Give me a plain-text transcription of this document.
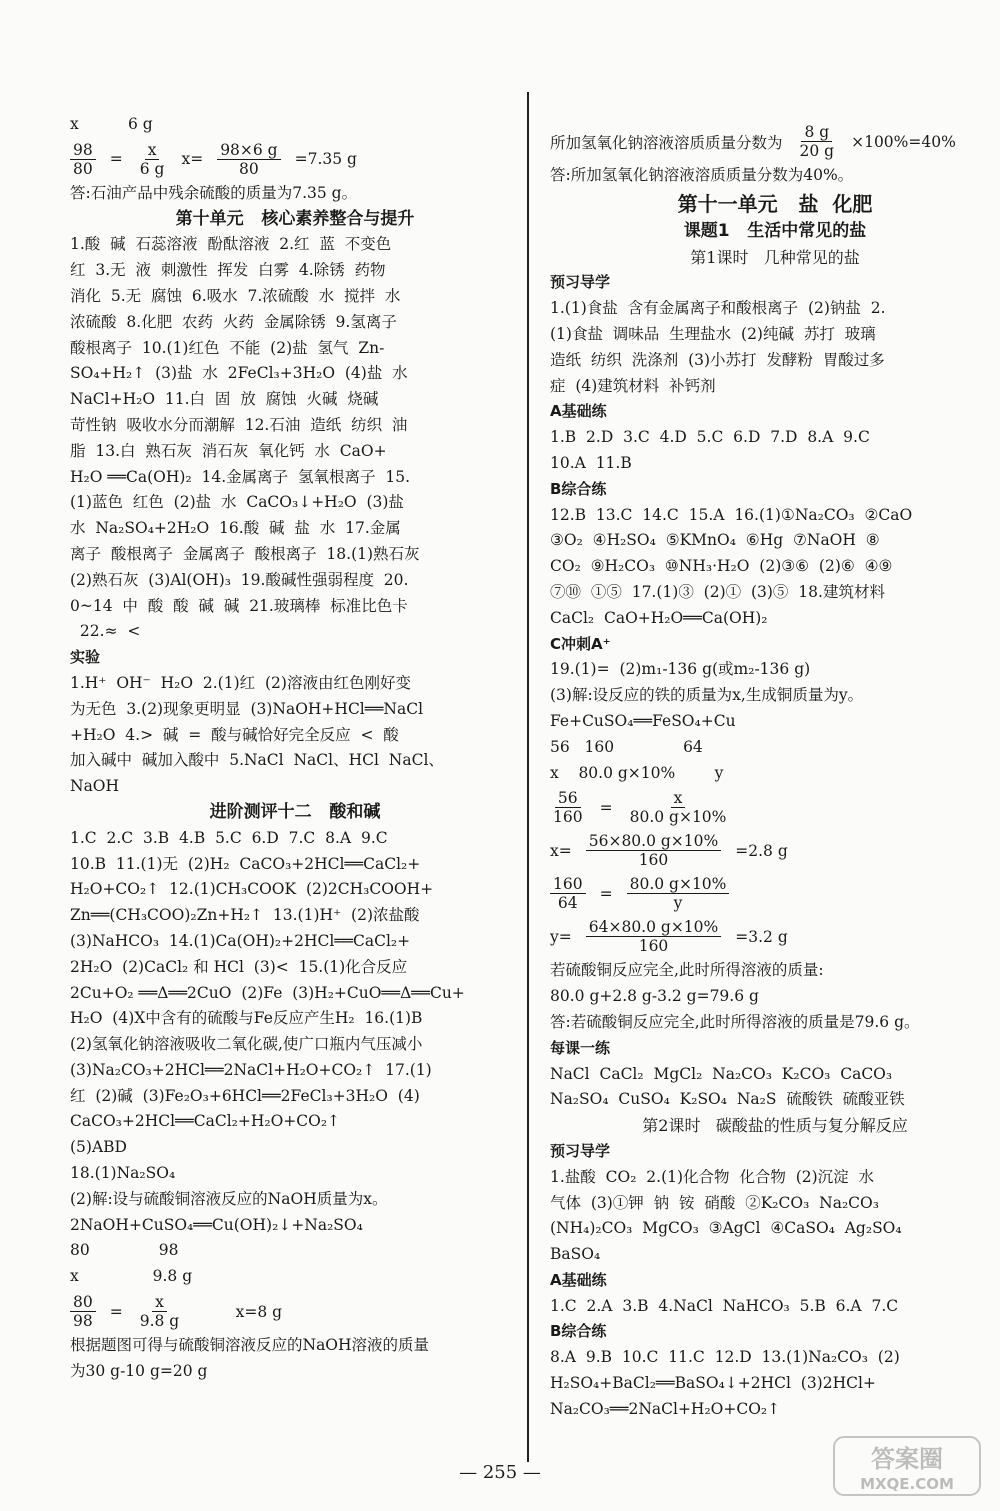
x          6 g
$\frac{98}{80} = \frac{x}{6 g} x= \frac{98\times 6 g}{80} =7.35$ g
答:石油产品中残余硫酸的质量为7.35 g。
第十单元   核心素养整合与提升
1.酸  碱  石蕊溶液  酚酞溶液  2.红  蓝  不变色
红  3.无  液  刺激性  挥发  白雾  4.除锈  药物
消化  5.无  腐蚀  6.吸水  7.浓硫酸  水  搅拌  水
浓硫酸  8.化肥  农药  火药  金属除锈  9.氢离子
酸根离子  10.(1)红色  不能  (2)盐  氢气  Zn-
SO₄+H₂↑  (3)盐  水  2FeCl₃+3H₂O  (4)盐  水
NaCl+H₂O  11.白  固  放  腐蚀  火碱  烧碱
苛性钠  吸收水分而潮解  12.石油  造纸  纺织  油
脂  13.白  熟石灰  消石灰  氧化钙  水  CaO+
H₂O ══Ca(OH)₂  14.金属离子  氢氧根离子  15.
(1)蓝色  红色  (2)盐  水  CaCO₃↓+H₂O  (3)盐
水  Na₂SO₄+2H₂O  16.酸  碱  盐  水  17.金属
离子  酸根离子  金属离子  酸根离子  18.(1)熟石灰
(2)熟石灰  (3)Al(OH)₃  19.酸碱性强弱程度  20.
0~14  中  酸  酸  碱  碱  21.玻璃棒  标准比色卡
22.≈  <
实验
1.H⁺  OH⁻  H₂O  2.(1)红  (2)溶液由红色刚好变
为无色  3.(2)现象更明显  (3)NaOH+HCl══NaCl
+H₂O  4.>  碱  =  酸与碱恰好完全反应  <  酸
加入碱中  碱加入酸中  5.NaCl  NaCl、HCl  NaCl、
NaOH
进阶测评十二   酸和碱
1.C  2.C  3.B  4.B  5.C  6.D  7.C  8.A  9.C
10.B  11.(1)无  (2)H₂  CaCO₃+2HCl══CaCl₂+
H₂O+CO₂↑  12.(1)CH₃COOK  (2)2CH₃COOH+
Zn══(CH₃COO)₂Zn+H₂↑  13.(1)H⁺  (2)浓盐酸
(3)NaHCO₃  14.(1)Ca(OH)₂+2HCl══CaCl₂+
2H₂O  (2)CaCl₂ 和 HCl  (3)<  15.(1)化合反应
2Cu+O₂ ══Δ══2CuO  (2)Fe  (3)H₂+CuO══Δ══Cu+
H₂O  (4)X中含有的硫酸与Fe反应产生H₂  16.(1)B
(2)氢氧化钠溶液吸收二氧化碳,使广口瓶内气压减小
(3)Na₂CO₃+2HCl══2NaCl+H₂O+CO₂↑  17.(1)
红  (2)碱  (3)Fe₂O₃+6HCl══2FeCl₃+3H₂O  (4)
CaCO₃+2HCl══CaCl₂+H₂O+CO₂↑
(5)ABD
18.(1)Na₂SO₄
(2)解:设与硫酸铜溶液反应的NaOH质量为x。
2NaOH+CuSO₄══Cu(OH)₂↓+Na₂SO₄
80              98
x               9.8 g
$\frac{80}{98} = \frac{x}{9.8 g} x=8$ g
根据题图可得与硫酸铜溶液反应的NaOH溶液的质量
为30 g-10 g=20 g
所加氢氧化钠溶液溶质质量分数为 $\frac{8 g}{20 g} \times 100\%=40\%$
答:所加氢氧化钠溶液溶质质量分数为40%。
第十一单元   盐  化肥
课题1   生活中常见的盐
第1课时   几种常见的盐
预习导学
1.(1)食盐  含有金属离子和酸根离子  (2)钠盐  2.
(1)食盐  调味品  生理盐水  (2)纯碱  苏打  玻璃
造纸  纺织  洗涤剂  (3)小苏打  发酵粉  胃酸过多
症  (4)建筑材料  补钙剂
A基础练
1.B  2.D  3.C  4.D  5.C  6.D  7.D  8.A  9.C
10.A  11.B
B综合练
12.B  13.C  14.C  15.A  16.(1)①Na₂CO₃  ②CaO
③O₂  ④H₂SO₄  ⑤KMnO₄  ⑥Hg  ⑦NaOH  ⑧
CO₂  ⑨H₂CO₃  ⑩NH₃·H₂O  (2)③⑥  (2)⑥  ④⑨
⑦⑩  ①⑤  17.(1)③  (2)①  (3)⑤  18.建筑材料
CaCl₂  CaO+H₂O══Ca(OH)₂
C冲刺A⁺
19.(1)=  (2)m₁-136 g(或m₂-136 g)
(3)解:设反应的铁的质量为x,生成铜质量为y。
Fe+CuSO₄══FeSO₄+Cu
56   160              64
x    80.0 g×10%        y
$\frac{56}{160} = \frac{x}{80.0 g\times 10\%}$
$x= \frac{56\times 80.0 g\times 10\%}{160} =2.8$ g
$\frac{160}{64} = \frac{80.0 g\times 10\%}{y}$
$y= \frac{64\times 80.0 g\times 10\%}{160} =3.2$ g
若硫酸铜反应完全,此时所得溶液的质量:
80.0 g+2.8 g-3.2 g=79.6 g
答:若硫酸铜反应完全,此时所得溶液的质量是79.6 g。
每课一练
NaCl  CaCl₂  MgCl₂  Na₂CO₃  K₂CO₃  CaCO₃
Na₂SO₄  CuSO₄  K₂SO₄  Na₂S  硫酸铁  硫酸亚铁
第2课时   碳酸盐的性质与复分解反应
预习导学
1.盐酸  CO₂  2.(1)化合物  化合物  (2)沉淀  水
气体  (3)①钾  钠  铵  硝酸  ②K₂CO₃  Na₂CO₃
(NH₄)₂CO₃  MgCO₃  ③AgCl  ④CaSO₄  Ag₂SO₄
BaSO₄
A基础练
1.C  2.A  3.B  4.NaCl  NaHCO₃  5.B  6.A  7.C
B综合练
8.A  9.B  10.C  11.C  12.D  13.(1)Na₂CO₃  (2)
H₂SO₄+BaCl₂══BaSO₄↓+2HCl  (3)2HCl+
Na₂CO₃══2NaCl+H₂O+CO₂↑
— 255 —	答案圈
MXQE.COM
